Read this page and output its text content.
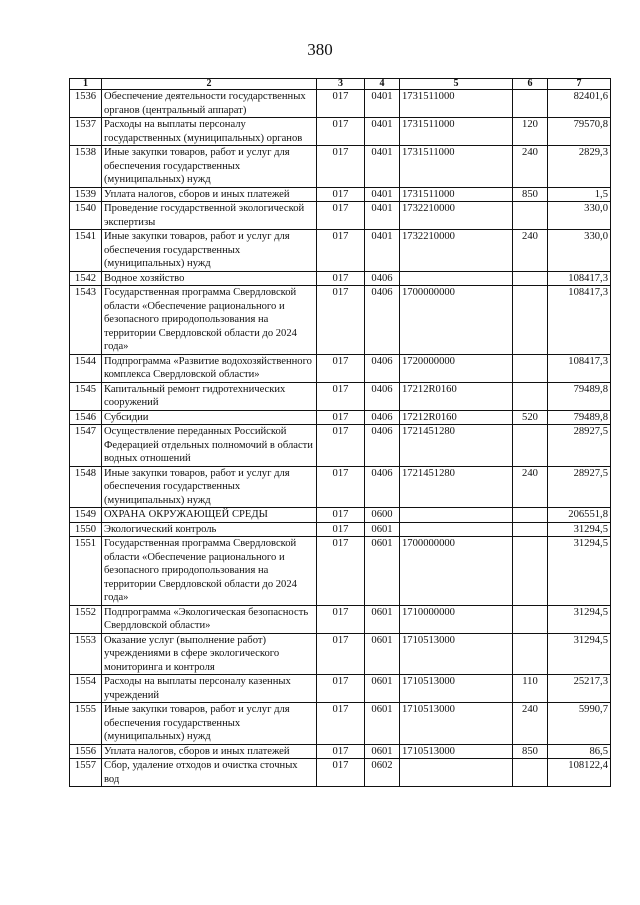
380
1	2	3	4	5	6	7
1536	Обеспечение деятельности государственных органов (центральный аппарат)	017	0401	1731511000		82401,6
1537	Расходы на выплаты персоналу государственных (муниципальных) органов	017	0401	1731511000	120	79570,8
1538	Иные закупки товаров, работ и услуг для обеспечения государственных (муниципальных) нужд	017	0401	1731511000	240	2829,3
1539	Уплата налогов, сборов и иных платежей	017	0401	1731511000	850	1,5
1540	Проведение государственной экологической экспертизы	017	0401	1732210000		330,0
1541	Иные закупки товаров, работ и услуг для обеспечения государственных (муниципальных) нужд	017	0401	1732210000	240	330,0
1542	Водное хозяйство	017	0406			108417,3
1543	Государственная программа Свердловской области «Обеспечение рационального и безопасного природопользования на территории Свердловской области до 2024 года»	017	0406	1700000000		108417,3
1544	Подпрограмма «Развитие водохозяйственного комплекса Свердловской области»	017	0406	1720000000		108417,3
1545	Капитальный ремонт гидротехнических сооружений	017	0406	17212R0160		79489,8
1546	Субсидии	017	0406	17212R0160	520	79489,8
1547	Осуществление переданных Российской Федерацией отдельных полномочий в области водных отношений	017	0406	1721451280		28927,5
1548	Иные закупки товаров, работ и услуг для обеспечения государственных (муниципальных) нужд	017	0406	1721451280	240	28927,5
1549	ОХРАНА ОКРУЖАЮЩЕЙ СРЕДЫ	017	0600			206551,8
1550	Экологический контроль	017	0601			31294,5
1551	Государственная программа Свердловской области «Обеспечение рационального и безопасного природопользования на территории Свердловской области до 2024 года»	017	0601	1700000000		31294,5
1552	Подпрограмма «Экологическая безопасность Свердловской области»	017	0601	1710000000		31294,5
1553	Оказание услуг (выполнение работ) учреждениями в сфере экологического мониторинга и контроля	017	0601	1710513000		31294,5
1554	Расходы на выплаты персоналу казенных учреждений	017	0601	1710513000	110	25217,3
1555	Иные закупки товаров, работ и услуг для обеспечения государственных (муниципальных) нужд	017	0601	1710513000	240	5990,7
1556	Уплата налогов, сборов и иных платежей	017	0601	1710513000	850	86,5
1557	Сбор, удаление отходов и очистка сточных вод	017	0602			108122,4
